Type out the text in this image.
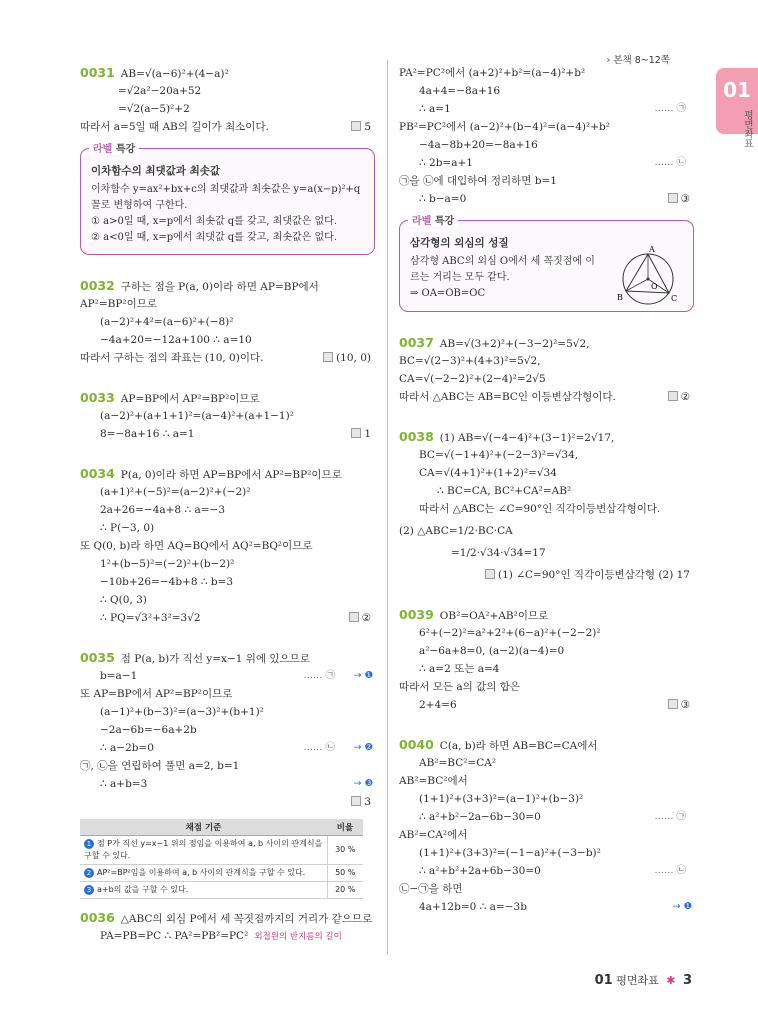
› 본책 8~12쪽
01
평면좌표
0031 AB=√(a−6)²+(4−a)²
=√2a²−20a+52
=√2(a−5)²+2
따라서 a=5일 때 AB의 길이가 최소이다.	5
라벨 특강
이차함수의 최댓값과 최솟값
이차함수 y=ax²+bx+c의 최댓값과 최솟값은 y=a(x−p)²+q
꼴로 변형하여 구한다.
① a>0일 때, x=p에서 최솟값 q를 갖고, 최댓값은 없다.
② a<0일 때, x=p에서 최댓값 q를 갖고, 최솟값은 없다.
0032 구하는 점을 P(a, 0)이라 하면 AP=BP에서
AP²=BP²이므로
(a−2)²+4²=(a−6)²+(−8)²
−4a+20=−12a+100 ∴ a=10
따라서 구하는 점의 좌표는 (10, 0)이다.	(10, 0)
0033 AP=BP에서 AP²=BP²이므로
(a−2)²+(a+1+1)²=(a−4)²+(a+1−1)²
8=−8a+16 ∴ a=1	1
0034 P(a, 0)이라 하면 AP=BP에서 AP²=BP²이므로
(a+1)²+(−5)²=(a−2)²+(−2)²
2a+26=−4a+8 ∴ a=−3
∴ P(−3, 0)
또 Q(0, b)라 하면 AQ=BQ에서 AQ²=BQ²이므로
1²+(b−5)²=(−2)²+(b−2)²
−10b+26=−4b+8 ∴ b=3
∴ Q(0, 3)
∴ PQ=√3²+3²=3√2	②
0035 점 P(a, b)가 직선 y=x−1 위에 있으므로
b=a−1	…… ㉠ → ❶
또 AP=BP에서 AP²=BP²이므로
(a−1)²+(b−3)²=(a−3)²+(b+1)²
−2a−6b=−6a+2b
∴ a−2b=0	…… ㉡ → ❷
㉠, ㉡을 연립하여 풀면 a=2, b=1
∴ a+b=3	→ ❸
3
채점 기준	비율
1 점 P가 직선 y=x−1 위의 점임을 이용하여 a, b 사이의 관계식을 구할 수 있다.	30 %
2 AP²=BP²임을 이용하여 a, b 사이의 관계식을 구할 수 있다.	50 %
3 a+b의 값을 구할 수 있다.	20 %
0036 △ABC의 외심 P에서 세 꼭짓점까지의 거리가 같으므로
PA=PB=PC ∴ PA²=PB²=PC² 외접원의 반지름의 길이
PA²=PC²에서 (a+2)²+b²=(a−4)²+b²
4a+4=−8a+16
∴ a=1	…… ㉠
PB²=PC²에서 (a−2)²+(b−4)²=(a−4)²+b²
−4a−8b+20=−8a+16
∴ 2b=a+1	…… ㉡
㉠을 ㉡에 대입하여 정리하면 b=1
∴ b−a=0	③
라벨 특강
삼각형의 외심의 성질
삼각형 ABC의 외심 O에서 세 꼭짓점에 이
르는 거리는 모두 같다.
⇒ OA=OB=OC
A
B	C
O
0037 AB=√(3+2)²+(−3−2)²=5√2,
BC=√(2−3)²+(4+3)²=5√2,
CA=√(−2−2)²+(2−4)²=2√5
따라서 △ABC는 AB=BC인 이등변삼각형이다.	②
0038 (1) AB=√(−4−4)²+(3−1)²=2√17,
BC=√(−1+4)²+(−2−3)²=√34,
CA=√(4+1)²+(1+2)²=√34
∴ BC=CA, BC²+CA²=AB²
따라서 △ABC는 ∠C=90°인 직각이등변삼각형이다.
(2) △ABC=1/2·BC·CA
=1/2·√34·√34=17
(1) ∠C=90°인 직각이등변삼각형 (2) 17
0039 OB²=OA²+AB²이므로
6²+(−2)²=a²+2²+(6−a)²+(−2−2)²
a²−6a+8=0, (a−2)(a−4)=0
∴ a=2 또는 a=4
따라서 모든 a의 값의 합은
2+4=6	③
0040 C(a, b)라 하면 AB=BC=CA에서
AB²=BC²=CA²
AB²=BC²에서
(1+1)²+(3+3)²=(a−1)²+(b−3)²
∴ a²+b²−2a−6b−30=0	…… ㉠
AB²=CA²에서
(1+1)²+(3+3)²=(−1−a)²+(−3−b)²
∴ a²+b²+2a+6b−30=0	…… ㉡
㉡−㉠을 하면
4a+12b=0 ∴ a=−3b	→ ❶
01 평면좌표 ✱ 3
